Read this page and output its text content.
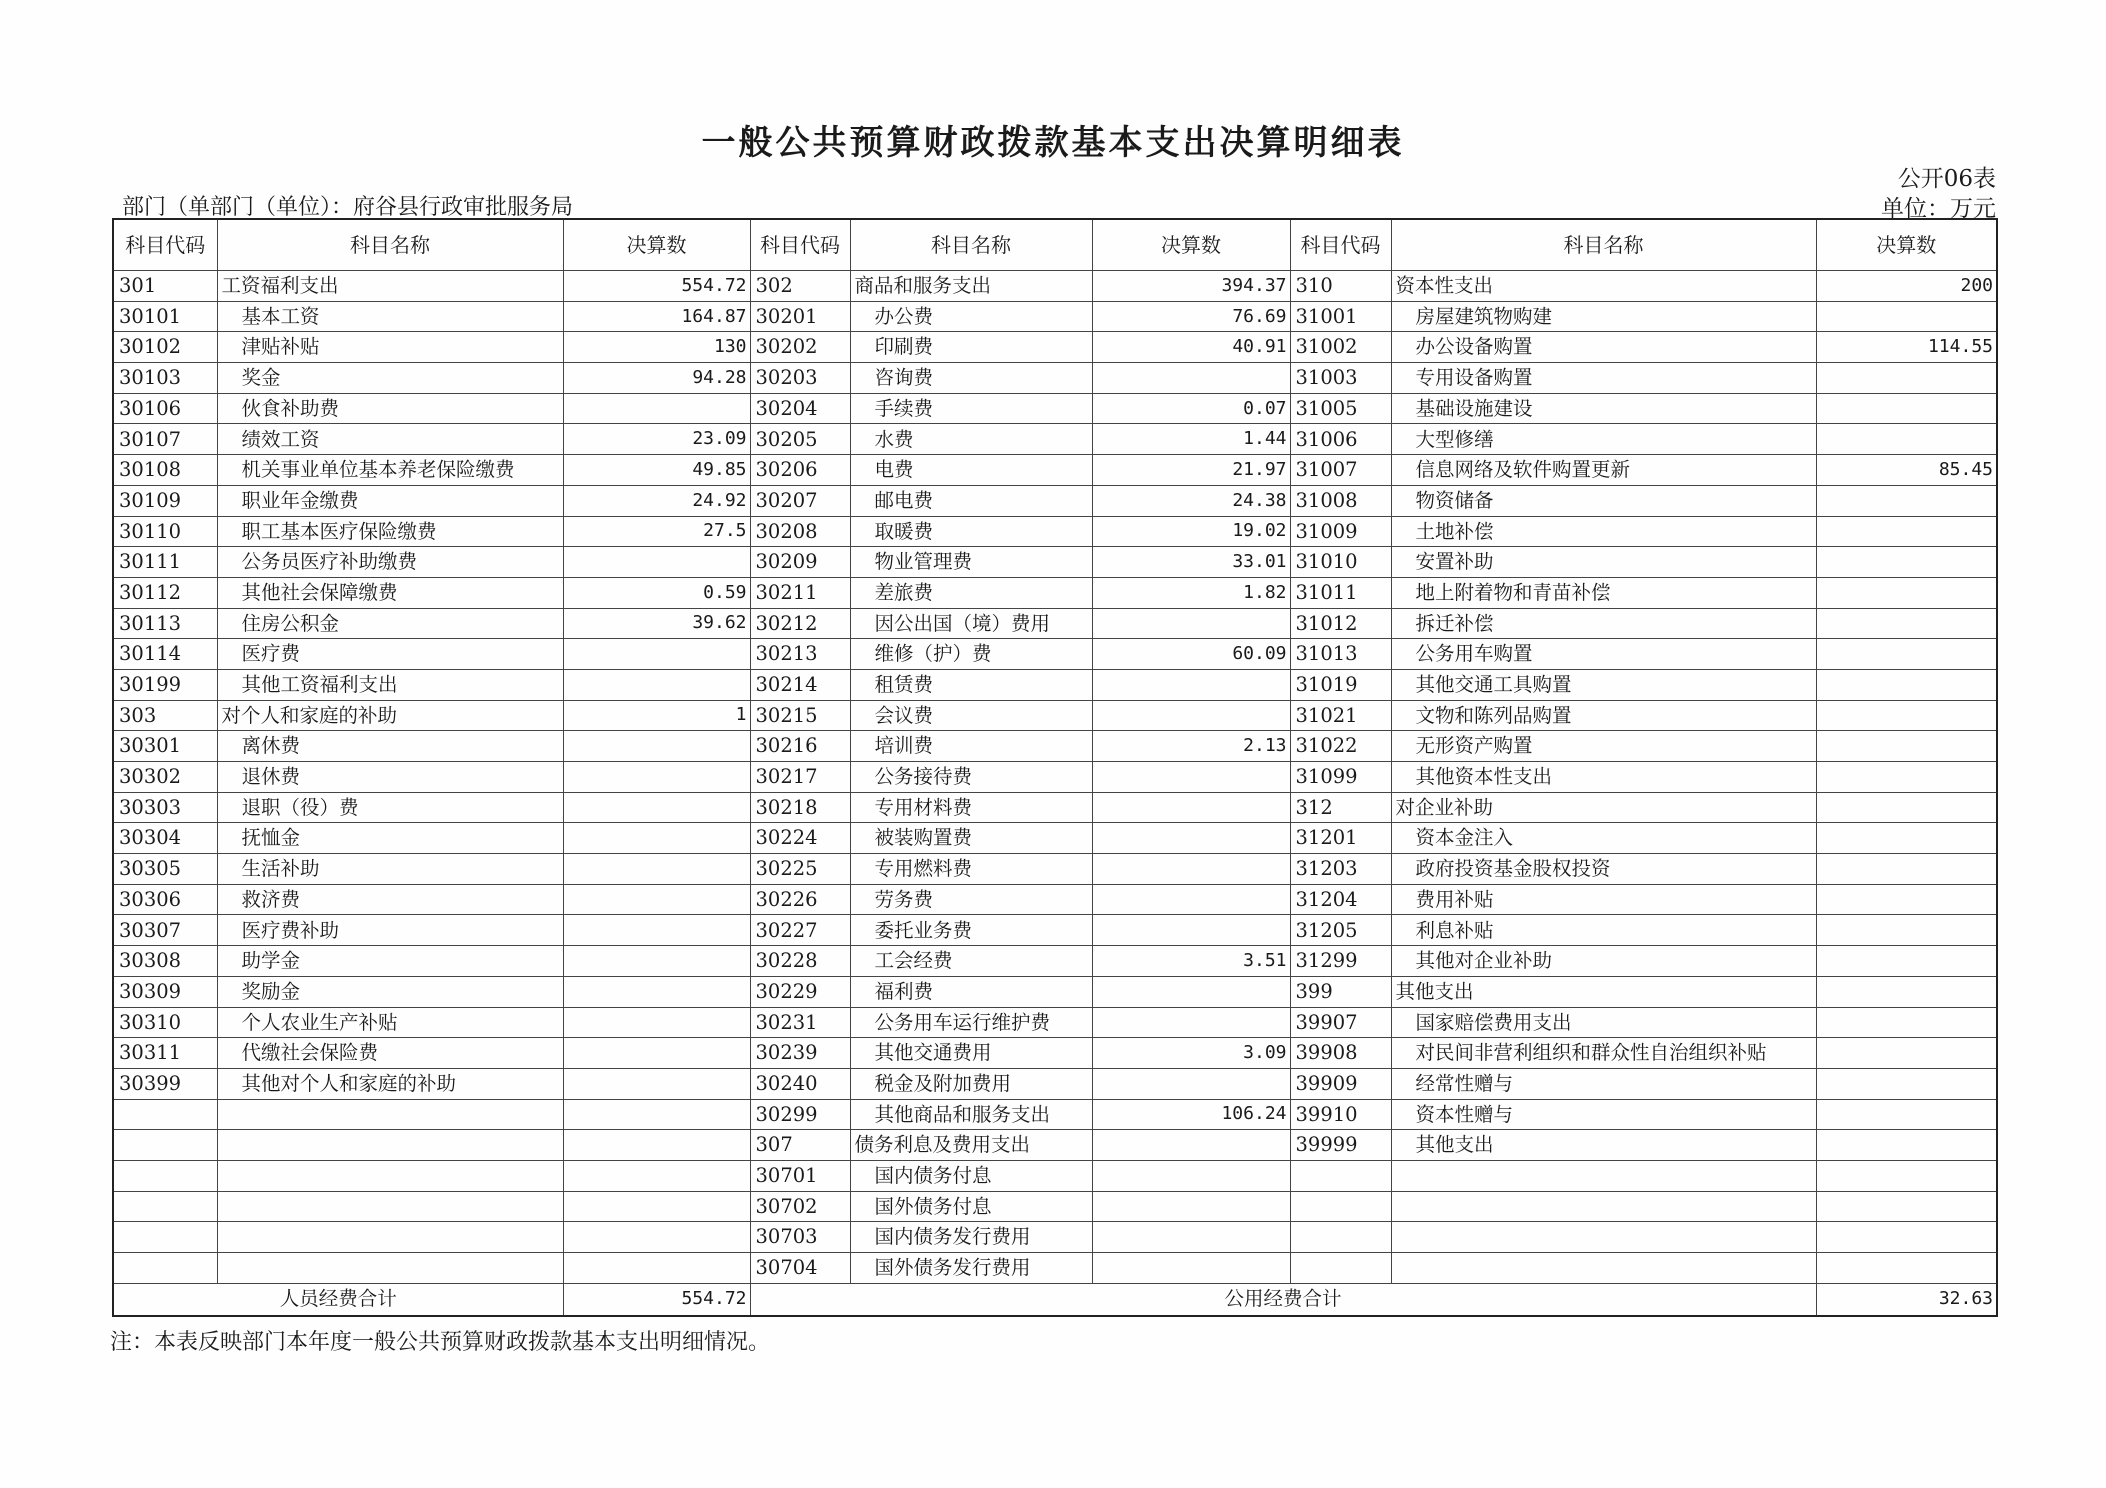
一般公共预算财政拨款基本支出决算明细表
公开06表
部门（单部门（单位）：府谷县行政审批服务局	单位：万元
科目代码	科目名称	决算数	科目代码	科目名称	决算数	科目代码	科目名称	决算数
301	工资福利支出	554.72	302	商品和服务支出	394.37	310	资本性支出	200
30101	基本工资	164.87	30201	办公费	76.69	31001	房屋建筑物购建	
30102	津贴补贴	130	30202	印刷费	40.91	31002	办公设备购置	114.55
30103	奖金	94.28	30203	咨询费		31003	专用设备购置	
30106	伙食补助费		30204	手续费	0.07	31005	基础设施建设	
30107	绩效工资	23.09	30205	水费	1.44	31006	大型修缮	
30108	机关事业单位基本养老保险缴费	49.85	30206	电费	21.97	31007	信息网络及软件购置更新	85.45
30109	职业年金缴费	24.92	30207	邮电费	24.38	31008	物资储备	
30110	职工基本医疗保险缴费	27.5	30208	取暖费	19.02	31009	土地补偿	
30111	公务员医疗补助缴费		30209	物业管理费	33.01	31010	安置补助	
30112	其他社会保障缴费	0.59	30211	差旅费	1.82	31011	地上附着物和青苗补偿	
30113	住房公积金	39.62	30212	因公出国（境）费用		31012	拆迁补偿	
30114	医疗费		30213	维修（护）费	60.09	31013	公务用车购置	
30199	其他工资福利支出		30214	租赁费		31019	其他交通工具购置	
303	对个人和家庭的补助	1	30215	会议费		31021	文物和陈列品购置	
30301	离休费		30216	培训费	2.13	31022	无形资产购置	
30302	退休费		30217	公务接待费		31099	其他资本性支出	
30303	退职（役）费		30218	专用材料费		312	对企业补助	
30304	抚恤金		30224	被装购置费		31201	资本金注入	
30305	生活补助		30225	专用燃料费		31203	政府投资基金股权投资	
30306	救济费		30226	劳务费		31204	费用补贴	
30307	医疗费补助		30227	委托业务费		31205	利息补贴	
30308	助学金		30228	工会经费	3.51	31299	其他对企业补助	
30309	奖励金		30229	福利费		399	其他支出	
30310	个人农业生产补贴		30231	公务用车运行维护费		39907	国家赔偿费用支出	
30311	代缴社会保险费		30239	其他交通费用	3.09	39908	对民间非营利组织和群众性自治组织补贴	
30399	其他对个人和家庭的补助		30240	税金及附加费用		39909	经常性赠与	
			30299	其他商品和服务支出	106.24	39910	资本性赠与	
			307	债务利息及费用支出		39999	其他支出	
			30701	国内债务付息				
			30702	国外债务付息				
			30703	国内债务发行费用				
			30704	国外债务发行费用				
人员经费合计		554.72	公用经费合计					32.63
注：本表反映部门本年度一般公共预算财政拨款基本支出明细情况。
